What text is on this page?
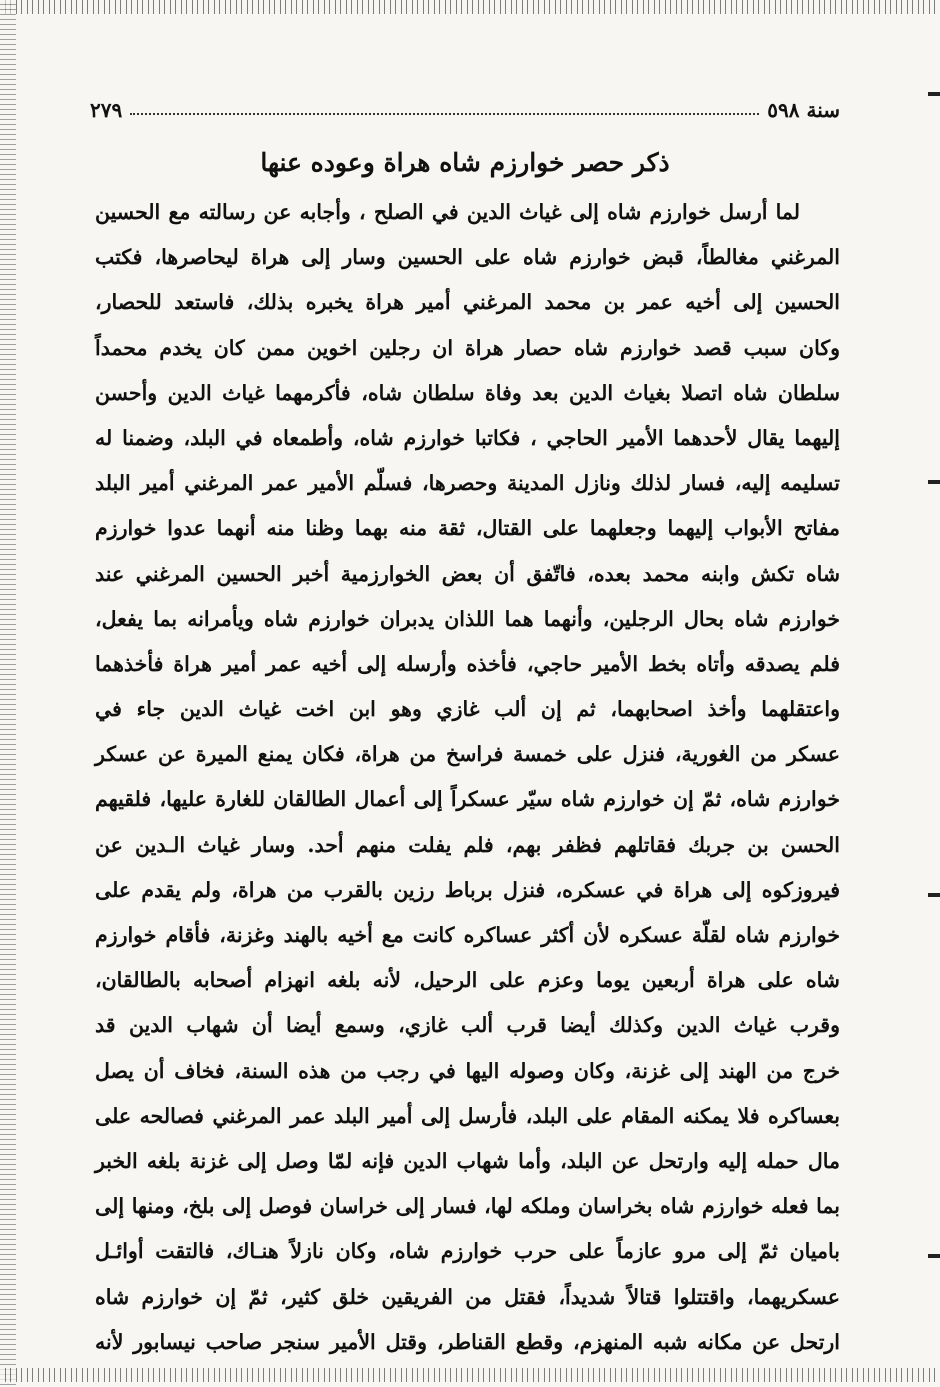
سنة ٥٩٨
٢٧٩
ذكر حصر خوارزم شاه هراة وعوده عنها
لما أرسل خوارزم شاه إلى غياث الدين في الصلح ، وأجابه عن رسالته مع الحسين
المرغني مغالطاً، قبض خوارزم شاه على الحسين وسار إلى هراة ليحاصرها، فكتب
الحسين إلى أخيه عمر بن محمد المرغني أمير هراة يخبره بذلك، فاستعد للحصار،
وكان سبب قصد خوارزم شاه حصار هراة ان رجلين اخوين ممن كان يخدم محمداً
سلطان شاه اتصلا بغياث الدين بعد وفاة سلطان شاه، فأكرمهما غياث الدين وأحسن
إليهما يقال لأحدهما الأمير الحاجي ، فكاتبا خوارزم شاه، وأطمعاه في البلد، وضمنا له
تسليمه إليه، فسار لذلك ونازل المدينة وحصرها، فسلّم الأمير عمر المرغني أمير البلد
مفاتح الأبواب إليهما وجعلهما على القتال، ثقة منه بهما وظنا منه أنهما عدوا خوارزم
شاه تكش وابنه محمد بعده، فاتّفق أن بعض الخوارزمية أخبر الحسين المرغني عند
خوارزم شاه بحال الرجلين، وأنهما هما اللذان يدبران خوارزم شاه ويأمرانه بما يفعل،
فلم يصدقه وأتاه بخط الأمير حاجي، فأخذه وأرسله إلى أخيه عمر أمير هراة فأخذهما
واعتقلهما وأخذ اصحابهما، ثم إن ألب غازي وهو ابن اخت غياث الدين جاء في
عسكر من الغورية، فنزل على خمسة فراسخ من هراة، فكان يمنع الميرة عن عسكر
خوارزم شاه، ثمّ إن خوارزم شاه سيّر عسكراً إلى أعمال الطالقان للغارة عليها، فلقيهم
الحسن بن جربك فقاتلهم فظفر بهم، فلم يفلت منهم أحد. وسار غياث الـدين عن
فيروزكوه إلى هراة في عسكره، فنزل برباط رزين بالقرب من هراة، ولم يقدم على
خوارزم شاه لقلّة عسكره لأن أكثر عساكره كانت مع أخيه بالهند وغزنة، فأقام خوارزم
شاه على هراة أربعين يوما وعزم على الرحيل، لأنه بلغه انهزام أصحابه بالطالقان،
وقرب غياث الدين وكذلك أيضا قرب ألب غازي، وسمع أيضا أن شهاب الدين قد
خرج من الهند إلى غزنة، وكان وصوله اليها في رجب من هذه السنة، فخاف أن يصل
بعساكره فلا يمكنه المقام على البلد، فأرسل إلى أمير البلد عمر المرغني فصالحه على
مال حمله إليه وارتحل عن البلد، وأما شهاب الدين فإنه لمّا وصل إلى غزنة بلغه الخبر
بما فعله خوارزم شاه بخراسان وملكه لها، فسار إلى خراسان فوصل إلى بلخ، ومنها إلى
باميان ثمّ إلى مرو عازماً على حرب خوارزم شاه، وكان نازلاً هنـاك، فالتقت أوائـل
عسكريهما، واقتتلوا قتالاً شديداً، فقتل من الفريقين خلق كثير، ثمّ إن خوارزم شاه
ارتحل عن مكانه شبه المنهزم، وقطع القناطر، وقتل الأمير سنجر صاحب نيسابور لأنه
